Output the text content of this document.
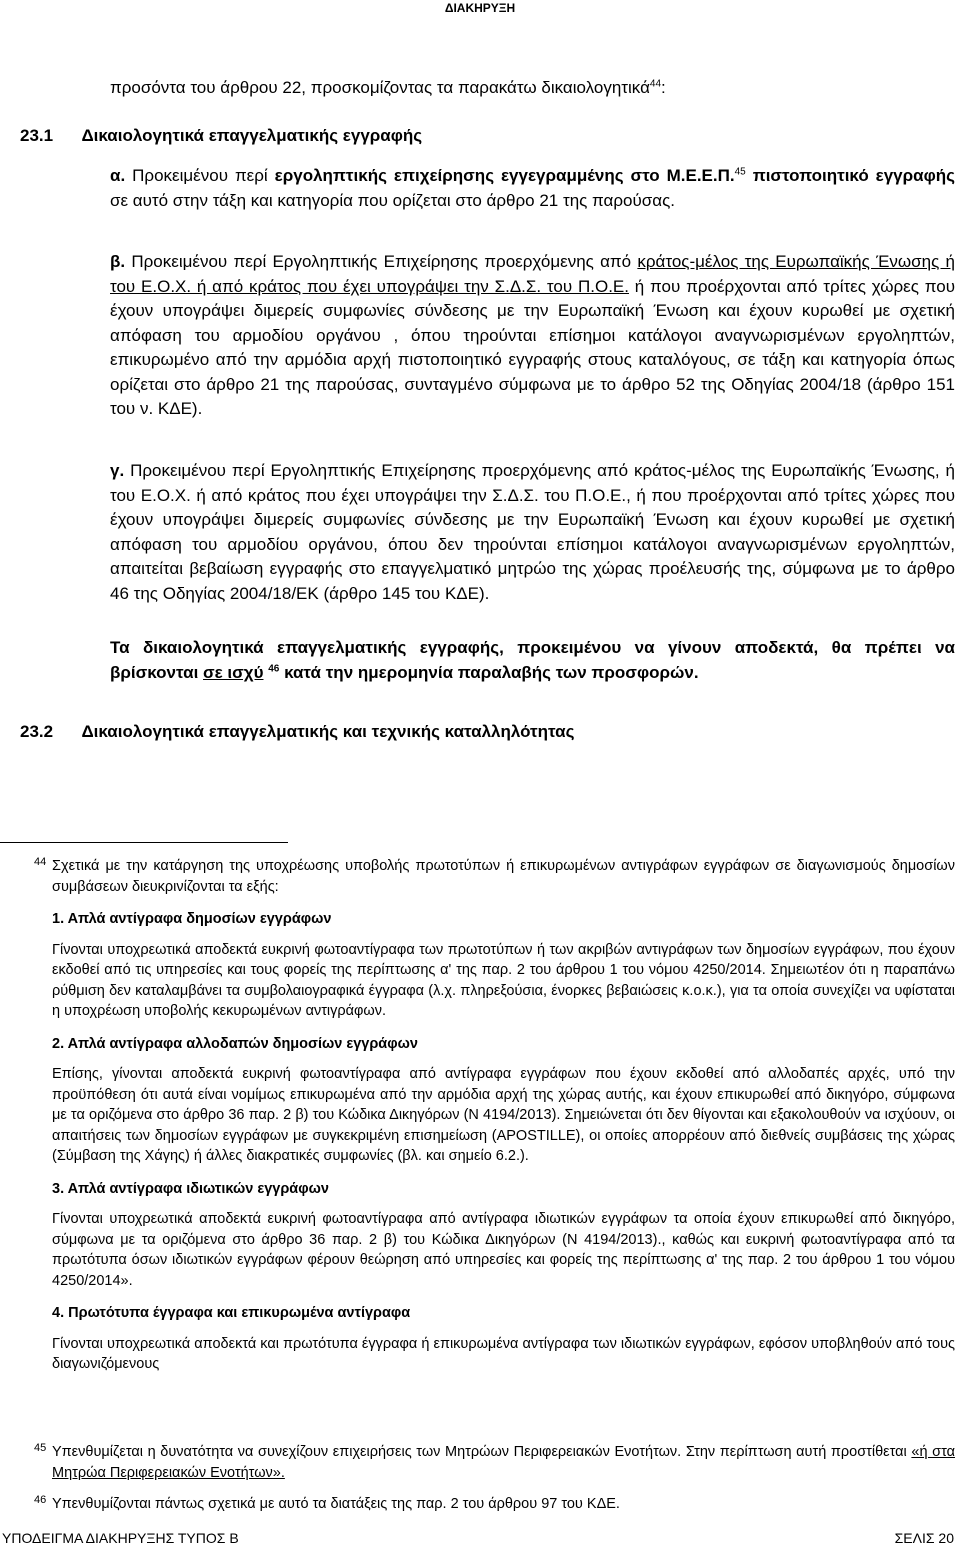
ΔΙΑΚΗΡΥΞΗ

προσόντα του άρθρου 22, προσκομίζοντας τα παρακάτω δικαιολογητικά$^{44}$:

23.1 Δικαιολογητικά επαγγελματικής εγγραφής

α. Προκειμένου περί εργοληπτικής επιχείρησης εγγεγραμμένης στο Μ.Ε.Ε.Π.$^{45}$ πιστοποιητικό εγγραφής σε αυτό στην τάξη και κατηγορία που ορίζεται στο άρθρο 21 της παρούσας.

β. Προκειμένου περί Εργοληπτικής Επιχείρησης προερχόμενης από κράτος-μέλος της Ευρωπαϊκής Ένωσης ή του Ε.Ο.Χ. ή από κράτος που έχει υπογράψει την Σ.Δ.Σ. του Π.Ο.Ε. ή που προέρχονται από τρίτες χώρες που έχουν υπογράψει διμερείς συμφωνίες σύνδεσης με την Ευρωπαϊκή Ένωση και έχουν κυρωθεί με σχετική απόφαση του αρμοδίου οργάνου , όπου τηρούνται επίσημοι κατάλογοι αναγνωρισμένων εργοληπτών, επικυρωμένο από την αρμόδια αρχή πιστοποιητικό εγγραφής στους καταλόγους, σε τάξη και κατηγορία όπως ορίζεται στο άρθρο 21 της παρούσας, συνταγμένο σύμφωνα με το άρθρο 52 της Οδηγίας 2004/18 (άρθρο 151 του ν. ΚΔΕ).

γ. Προκειμένου περί Εργοληπτικής Επιχείρησης προερχόμενης από κράτος-μέλος της Ευρωπαϊκής Ένωσης, ή του Ε.Ο.Χ. ή από κράτος που έχει υπογράψει την Σ.Δ.Σ. του Π.Ο.Ε., ή που προέρχονται από τρίτες χώρες που έχουν υπογράψει διμερείς συμφωνίες σύνδεσης με την Ευρωπαϊκή Ένωση και έχουν κυρωθεί με σχετική απόφαση του αρμοδίου οργάνου, όπου δεν τηρούνται επίσημοι κατάλογοι αναγνωρισμένων εργοληπτών, απαιτείται βεβαίωση εγγραφής στο επαγγελματικό μητρώο της χώρας προέλευσής της, σύμφωνα με το άρθρο 46 της Οδηγίας 2004/18/ΕΚ (άρθρο 145 του ΚΔΕ).

Τα δικαιολογητικά επαγγελματικής εγγραφής, προκειμένου να γίνουν αποδεκτά, θα πρέπει να βρίσκονται σε ισχύ $^{46}$ κατά την ημερομηνία παραλαβής των προσφορών.

23.2 Δικαιολογητικά επαγγελματικής και τεχνικής καταλληλότητας
44 Σχετικά με την κατάργηση της υποχρέωσης υποβολής πρωτοτύπων ή επικυρωμένων αντιγράφων εγγράφων σε διαγωνισμούς δημοσίων συμβάσεων διευκρινίζονται τα εξής:

1. Απλά αντίγραφα δημοσίων εγγράφων

Γίνονται υποχρεωτικά αποδεκτά ευκρινή φωτοαντίγραφα των πρωτοτύπων ή των ακριβών αντιγράφων των δημοσίων εγγράφων, που έχουν εκδοθεί από τις υπηρεσίες και τους φορείς της περίπτωσης α' της παρ. 2 του άρθρου 1 του νόμου 4250/2014. Σημειωτέον ότι η παραπάνω ρύθμιση δεν καταλαμβάνει τα συμβολαιογραφικά έγγραφα (λ.χ. πληρεξούσια, ένορκες βεβαιώσεις κ.ο.κ.), για τα οποία συνεχίζει να υφίσταται η υποχρέωση υποβολής κεκυρωμένων αντιγράφων.

2. Απλά αντίγραφα αλλοδαπών δημοσίων εγγράφων

Επίσης, γίνονται αποδεκτά ευκρινή φωτοαντίγραφα από αντίγραφα εγγράφων που έχουν εκδοθεί από αλλοδαπές αρχές, υπό την προϋπόθεση ότι αυτά είναι νομίμως επικυρωμένα από την αρμόδια αρχή της χώρας αυτής, και έχουν επικυρωθεί από δικηγόρο, σύμφωνα με τα οριζόμενα στο άρθρο 36 παρ. 2 β) του Κώδικα Δικηγόρων (Ν 4194/2013). Σημειώνεται ότι δεν θίγονται και εξακολουθούν να ισχύουν, οι απαιτήσεις των δημοσίων εγγράφων με συγκεκριμένη επισημείωση (APOSTILLE), οι οποίες απορρέουν από διεθνείς συμβάσεις της χώρας (Σύμβαση της Χάγης) ή άλλες διακρατικές συμφωνίες (βλ. και σημείο 6.2.).

3. Απλά αντίγραφα ιδιωτικών εγγράφων

Γίνονται υποχρεωτικά αποδεκτά ευκρινή φωτοαντίγραφα από αντίγραφα ιδιωτικών εγγράφων τα οποία έχουν επικυρωθεί από δικηγόρο, σύμφωνα με τα οριζόμενα στο άρθρο 36 παρ. 2 β) του Κώδικα Δικηγόρων (Ν 4194/2013)., καθώς και ευκρινή φωτοαντίγραφα από τα πρωτότυπα όσων ιδιωτικών εγγράφων φέρουν θεώρηση από υπηρεσίες και φορείς της περίπτωσης α' της παρ. 2 του άρθρου 1 του νόμου 4250/2014».

4. Πρωτότυπα έγγραφα και επικυρωμένα αντίγραφα

Γίνονται υποχρεωτικά αποδεκτά και πρωτότυπα έγγραφα ή επικυρωμένα αντίγραφα των ιδιωτικών εγγράφων, εφόσον υποβληθούν από τους διαγωνιζόμενους

45 Υπενθυμίζεται η δυνατότητα να συνεχίζουν επιχειρήσεις των Μητρώων Περιφερειακών Ενοτήτων. Στην περίπτωση αυτή προστίθεται «ή στα Μητρώα Περιφερειακών Ενοτήτων».

46 Υπενθυμίζονται πάντως σχετικά με αυτό τα διατάξεις της παρ. 2 του άρθρου 97 του ΚΔΕ.

ΥΠΟΔΕΙΓΜΑ ΔΙΑΚΗΡΥΞΗΣ ΤΥΠΟΣ Β	ΣΕΛΙΣ 20
